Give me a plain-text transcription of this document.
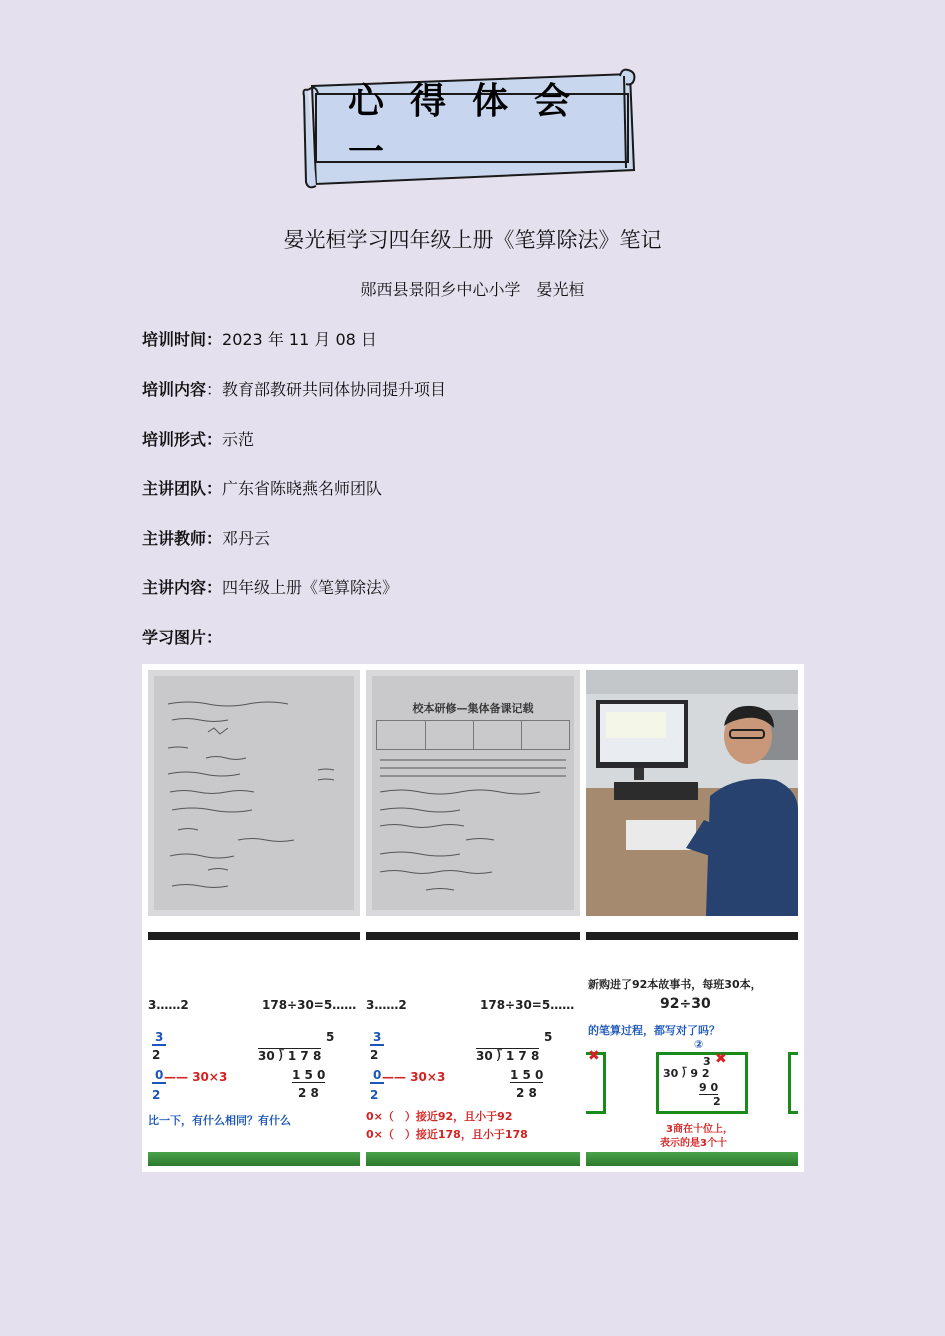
心得体会一
晏光桓学习四年级上册《笔算除法》笔记
郧西县景阳乡中心小学　晏光桓
培训时间：2023 年 11 月 08 日
培训内容：教育部教研共同体协同提升项目
培训形式：示范
主讲团队：广东省陈晓燕名师团队
主讲教师：邓丹云
主讲内容：四年级上册《笔算除法》
学习图片：
校本研修—集体备课记载
3……2	178÷30=5……
3
2
0
2
—— 30×3
5
30 ⟌ 1 7 8
1 5 0
2 8
比一下，有什么相同？有什么
3……2	178÷30=5……
3
2
0
2
—— 30×3
5
30 ⟌ 1 7 8
1 5 0
2 8
0×（　）接近92，且小于92
0×（　）接近178，且小于178
新购进了92本故事书，每班30本，
92÷30
的笔算过程，都写对了吗？
②
3 ✖
30 ⟌ 9 2
9 0
2
✖
3商在十位上，
表示的是3个十
